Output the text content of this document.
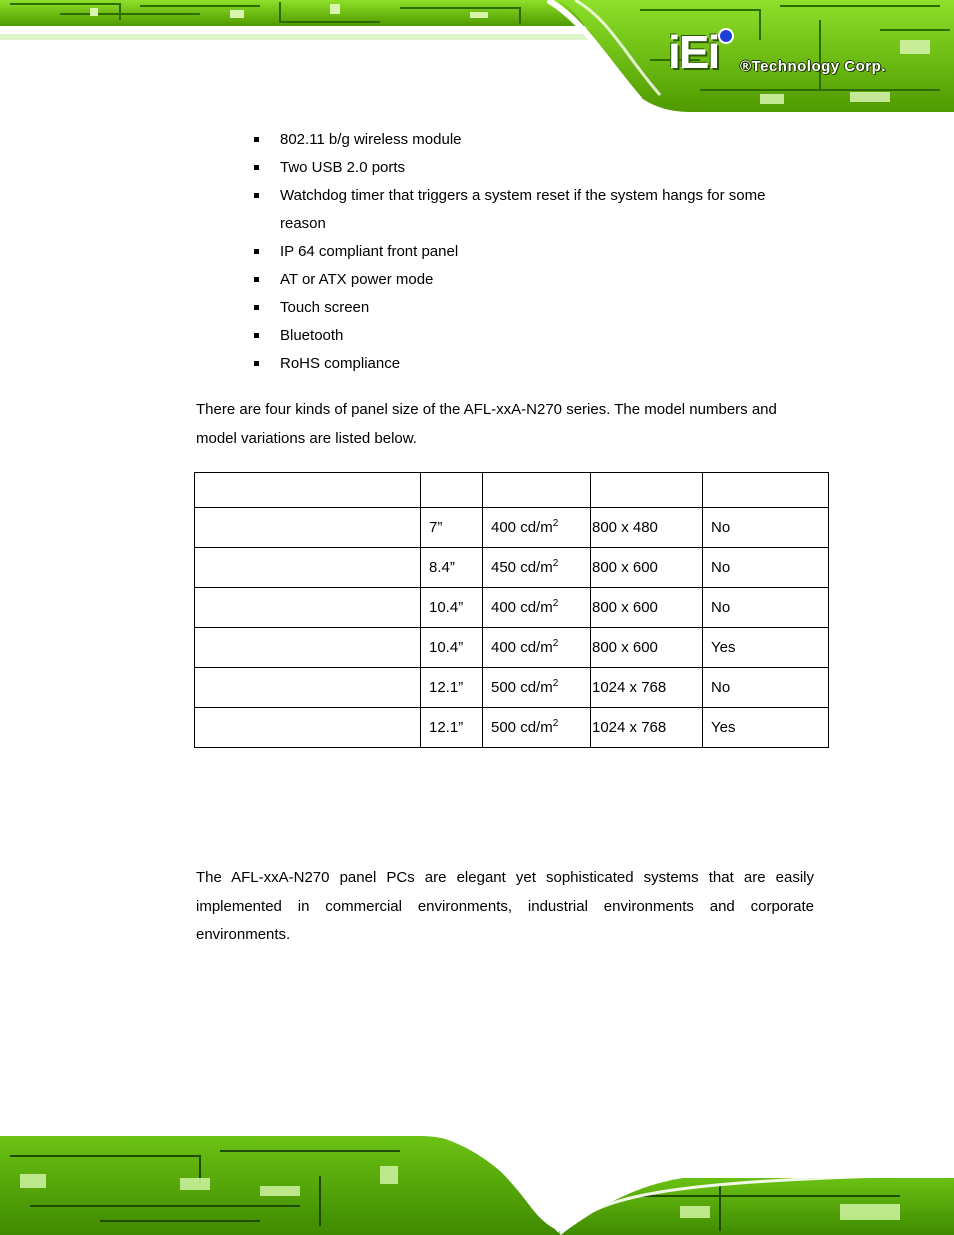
iEi ®Technology Corp.
802.11 b/g wireless module
Two USB 2.0 ports
Watchdog timer that triggers a system reset if the system hangs for some reason
IP 64 compliant front panel
AT or ATX power mode
Touch screen
Bluetooth
RoHS compliance

There are four kinds of panel size of the AFL-xxA-N270 series. The model numbers and model variations are listed below.

	7”	400 $cd/m^2$	800 x 480	No
	8.4”	450 $cd/m^2$	800 x 600	No
	10.4”	400 $cd/m^2$	800 x 600	No
	10.4”	400 $cd/m^2$	800 x 600	Yes
	12.1”	500 $cd/m^2$	1024 x 768	No
	12.1”	500 $cd/m^2$	1024 x 768	Yes

The AFL-xxA-N270 panel PCs are elegant yet sophisticated systems that are easily implemented in commercial environments, industrial environments and corporate environments.
